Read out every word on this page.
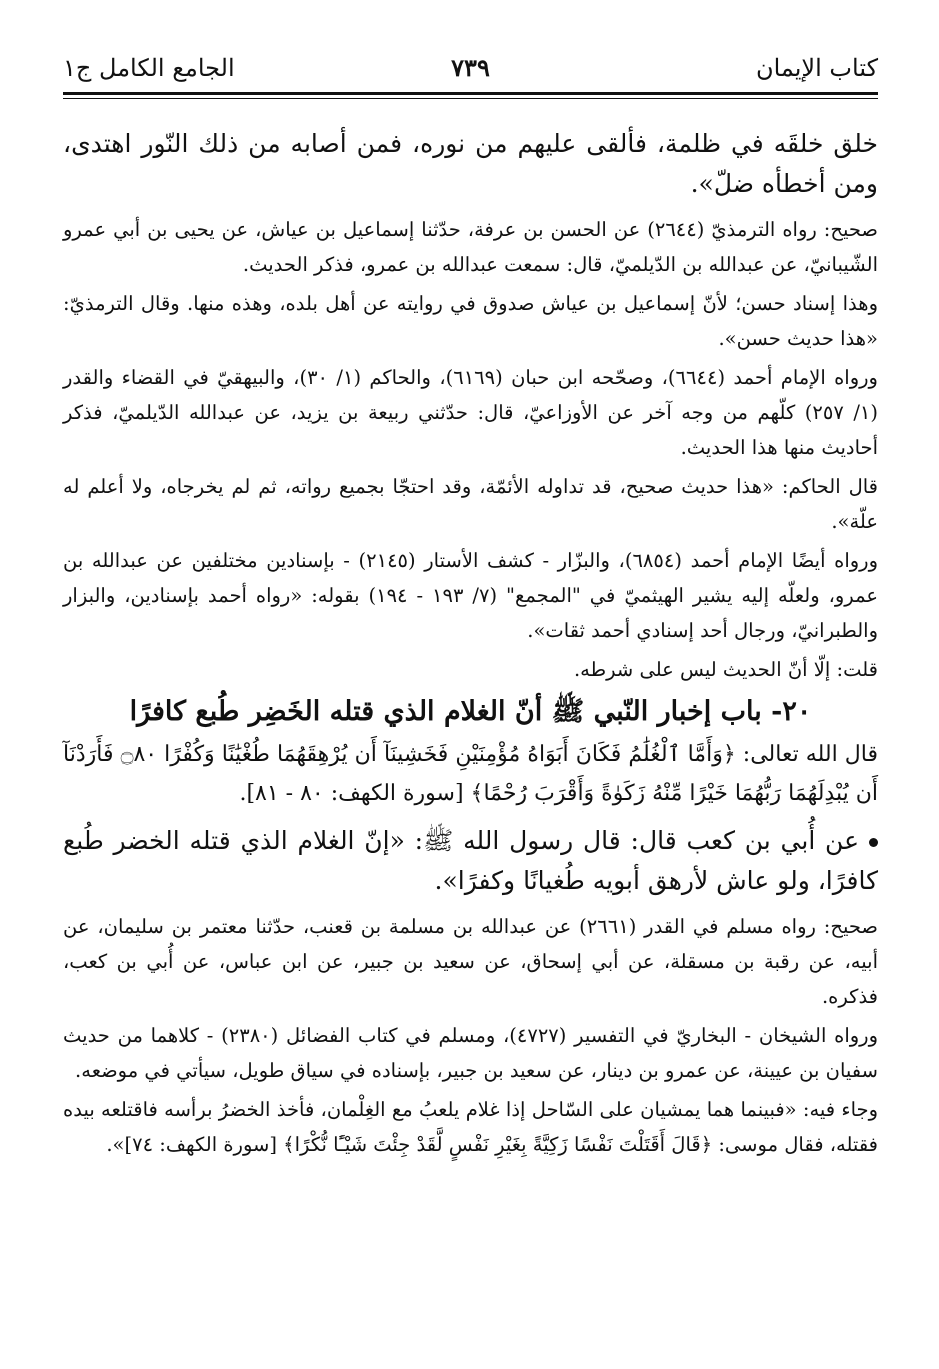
كتاب الإيمان
٧٣٩
الجامع الكامل ج١

خلق خلقَه في ظلمة، فألقى عليهم من نوره، فمن أصابه من ذلك النّور اهتدى، ومن أخطأه ضلّ».

صحيح: رواه الترمذيّ (٢٦٤٤) عن الحسن بن عرفة، حدّثنا إسماعيل بن عياش، عن يحيى بن أبي عمرو الشّيبانيّ، عن عبدالله بن الدّيلميّ، قال: سمعت عبدالله بن عمرو، فذكر الحديث.

وهذا إسناد حسن؛ لأنّ إسماعيل بن عياش صدوق في روايته عن أهل بلده، وهذه منها. وقال الترمذيّ: «هذا حديث حسن».

ورواه الإمام أحمد (٦٦٤٤)، وصحّحه ابن حبان (٦١٦٩)، والحاكم (١/ ٣٠)، والبيهقيّ في القضاء والقدر (١/ ٢٥٧) كلّهم من وجه آخر عن الأوزاعيّ، قال: حدّثني ربيعة بن يزيد، عن عبدالله الدّيلميّ، فذكر أحاديث منها هذا الحديث.

قال الحاكم: «هذا حديث صحيح، قد تداوله الأئمّة، وقد احتجّا بجميع رواته، ثم لم يخرجاه، ولا أعلم له علّة».

ورواه أيضًا الإمام أحمد (٦٨٥٤)، والبزّار - كشف الأستار (٢١٤٥) - بإسنادين مختلفين عن عبدالله بن عمرو، ولعلّه إليه يشير الهيثميّ في "المجمع" (٧/ ١٩٣ - ١٩٤) بقوله: «رواه أحمد بإسنادين، والبزار والطبرانيّ، ورجال أحد إسنادي أحمد ثقات».

قلت: إلّا أنّ الحديث ليس على شرطه.

٢٠- باب إخبار النّبي ﷺ أنّ الغلام الذي قتله الخَضِر طُبع كافرًا

قال الله تعالى: ﴿وَأَمَّا ٱلْغُلَٰمُ فَكَانَ أَبَوَاهُ مُؤْمِنَيْنِ فَخَشِينَآ أَن يُرْهِقَهُمَا طُغْيَٰنًا وَكُفْرًا ۝٨٠ فَأَرَدْنَآ أَن يُبْدِلَهُمَا رَبُّهُمَا خَيْرًا مِّنْهُ زَكَوٰةً وَأَقْرَبَ رُحْمًا﴾ [سورة الكهف: ٨٠ - ٨١].

عن أُبي بن كعب قال: قال رسول الله ﷺ: «إنّ الغلام الذي قتله الخضر طُبع كافرًا، ولو عاش لأرهق أبويه طُغيانًا وكفرًا».

صحيح: رواه مسلم في القدر (٢٦٦١) عن عبدالله بن مسلمة بن قعنب، حدّثنا معتمر بن سليمان، عن أبيه، عن رقبة بن مسقلة، عن أبي إسحاق، عن سعيد بن جبير، عن ابن عباس، عن أُبي بن كعب، فذكره.

ورواه الشيخان - البخاريّ في التفسير (٤٧٢٧)، ومسلم في كتاب الفضائل (٢٣٨٠) - كلاهما من حديث سفيان بن عيينة، عن عمرو بن دينار، عن سعيد بن جبير، بإسناده في سياق طويل، سيأتي في موضعه.

وجاء فيه: «فبينما هما يمشيان على السّاحل إذا غلام يلعبُ مع الغِلْمان، فأخذ الخضرُ برأسه فاقتلعه بيده فقتله، فقال موسى: ﴿قَالَ أَقَتَلْتَ نَفْسًا زَكِيَّةً بِغَيْرِ نَفْسٍ لَّقَدْ جِئْتَ شَيْـًٔا نُّكْرًا﴾ [سورة الكهف: ٧٤]».
